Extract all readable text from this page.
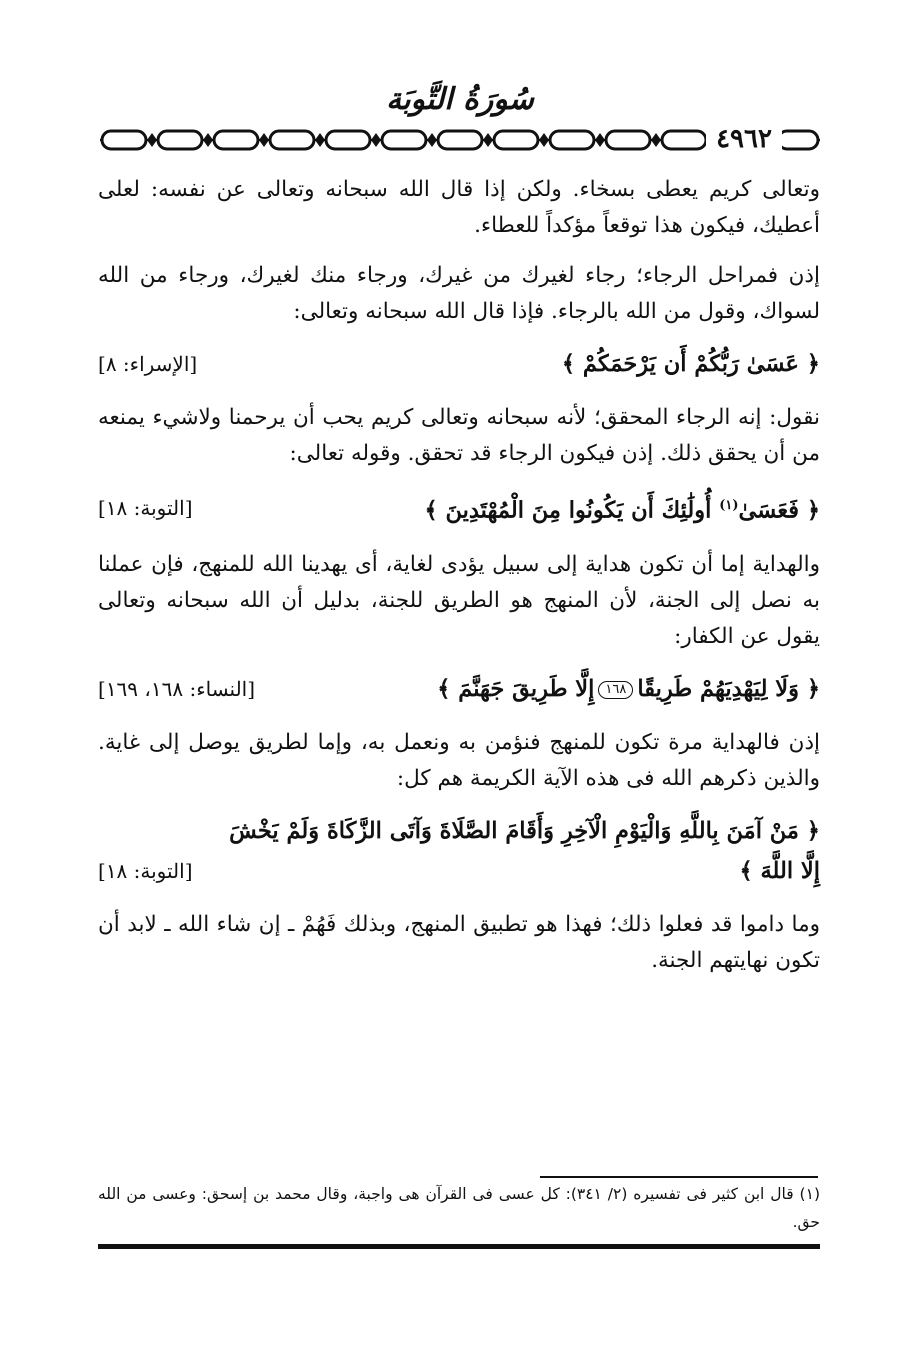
سُورَةُ التَّوبَة
٤٩٦٢

وتعالى كريم يعطى بسخاء. ولكن إذا قال الله سبحانه وتعالى عن نفسه: لعلى أعطيك، فيكون هذا توقعاً مؤكداً للعطاء.

إذن فمراحل الرجاء؛ رجاء لغيرك من غيرك، ورجاء منك لغيرك، ورجاء من الله لسواك، وقول من الله بالرجاء. فإذا قال الله سبحانه وتعالى:

﴿ عَسَىٰ رَبُّكُمْ أَن يَرْحَمَكُمْ ﴾
[الإسراء: ٨]

نقول: إنه الرجاء المحقق؛ لأنه سبحانه وتعالى كريم يحب أن يرحمنا ولاشيء يمنعه من أن يحقق ذلك. إذن فيكون الرجاء قد تحقق. وقوله تعالى:

﴿ فَعَسَىٰ$^{(١)}$ أُولَٰئِكَ أَن يَكُونُوا مِنَ الْمُهْتَدِينَ ﴾
[التوبة: ١٨]

والهداية إما أن تكون هداية إلى سبيل يؤدى لغاية، أى يهدينا الله للمنهج، فإن عملنا به نصل إلى الجنة، لأن المنهج هو الطريق للجنة، بدليل أن الله سبحانه وتعالى يقول عن الكفار:

﴿ وَلَا لِيَهْدِيَهُمْ طَرِيقًا١٦٨إِلَّا طَرِيقَ جَهَنَّمَ ﴾
[النساء: ١٦٨، ١٦٩]

إذن فالهداية مرة تكون للمنهج فنؤمن به ونعمل به، وإما لطريق يوصل إلى غاية. والذين ذكرهم الله فى هذه الآية الكريمة هم كل:

﴿ مَنْ آمَنَ بِاللَّهِ وَالْيَوْمِ الْآخِرِ وَأَقَامَ الصَّلَاةَ وَآتَى الزَّكَاةَ وَلَمْ يَخْشَ
إِلَّا اللَّهَ ﴾
[التوبة: ١٨]

وما داموا قد فعلوا ذلك؛ فهذا هو تطبيق المنهج، وبذلك فَهُمْ ـ إن شاء الله ـ لابد أن تكون نهايتهم الجنة.

(١) قال ابن كثير فى تفسيره (٢/ ٣٤١): كل عسى فى القرآن هى واجبة، وقال محمد بن إسحق: وعسى من الله حق.
